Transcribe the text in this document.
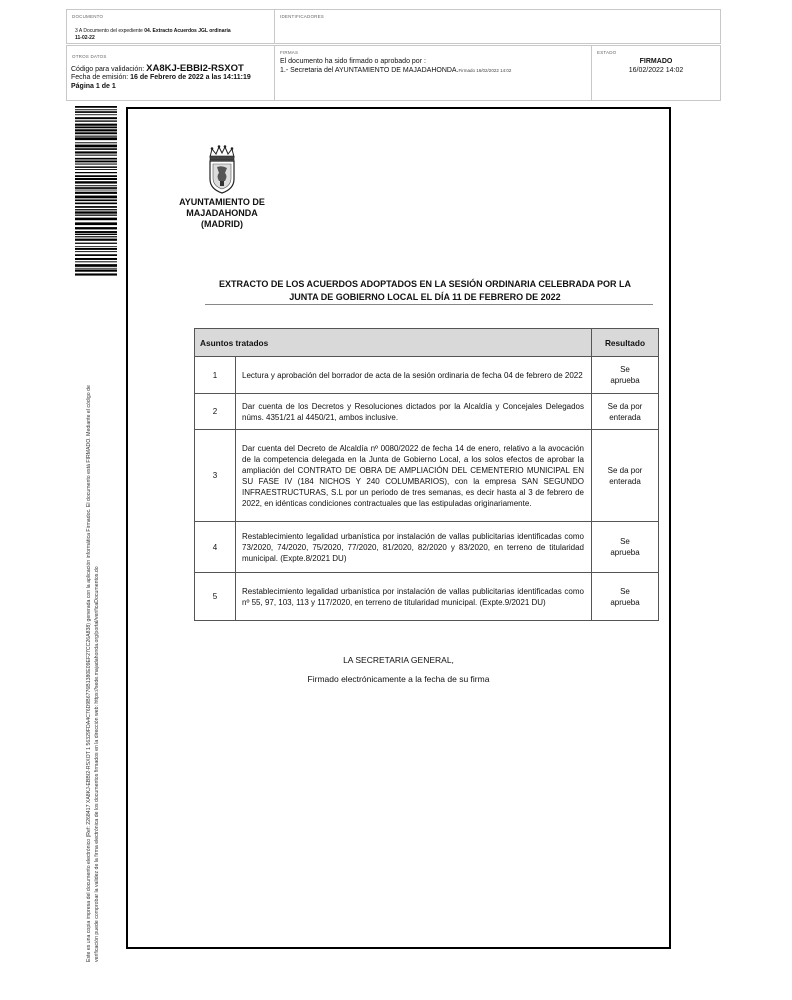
DOCUMENTO
3 A Documento del expediente 04. Extracto Acuerdos JGL ordinaria
11-02-22
IDENTIFICADORES
OTROS DATOS
Código para validación: XA8KJ-EBBI2-RSXOT
Fecha de emisión: 16 de Febrero de 2022 a las 14:11:19
Página 1 de 1
FIRMAS
El documento ha sido firmado o aprobado por :
1.- Secretaria del AYUNTAMIENTO DE MAJADAHONDA.Firmado 16/02/2022 14:02
ESTADO
FIRMADO
16/02/2022 14:02
Este es una copia impresa del documento electrónico (Ref: 2268417 XA8KJ-EBBI2-RSXOT 1 56329FDA4C76D9B6776B1380E09EF27CC26A838) generada con la aplicación informática Firmadoc. El documento está FIRMADO. Mediante el código de verificación puede comprobar la validez de la firma electrónica de los documentos firmados en la dirección web: https://sede.majadahonda.org/portal/verificaDocumentos.do
AYUNTAMIENTO DE
MAJADAHONDA
(MADRID)
EXTRACTO DE LOS ACUERDOS ADOPTADOS EN LA SESIÓN ORDINARIA CELEBRADA POR LA
JUNTA DE GOBIERNO LOCAL EL DÍA 11 DE FEBRERO DE 2022
Asuntos tratados		Resultado
1	Lectura y aprobación del borrador de acta de la sesión ordinaria de fecha 04 de febrero de 2022	Se
aprueba
2	Dar cuenta de los Decretos y Resoluciones dictados por la Alcaldía y Concejales Delegados núms. 4351/21 al 4450/21, ambos inclusive.	Se da por
enterada
3	Dar cuenta del Decreto de Alcaldía nº 0080/2022 de fecha 14 de enero, relativo a la avocación de la competencia delegada en la Junta de Gobierno Local, a los solos efectos de aprobar la ampliación del CONTRATO DE OBRA DE AMPLIACIÓN DEL CEMENTERIO MUNICIPAL EN SU FASE IV (184 NICHOS Y 240 COLUMBARIOS), con la empresa SAN SEGUNDO INFRAESTRUCTURAS, S.L por un periodo de tres semanas, es decir hasta al 3 de febrero de 2022, en idénticas condiciones contractuales que las estipuladas originariamente.	Se da por
enterada
4	Restablecimiento legalidad urbanística por instalación de vallas publicitarias identificadas como 73/2020, 74/2020, 75/2020, 77/2020, 81/2020, 82/2020 y 83/2020, en terreno de titularidad municipal. (Expte.8/2021 DU)	Se
aprueba
5	Restablecimiento legalidad urbanística por instalación de vallas publicitarias identificadas como nº 55, 97, 103, 113 y 117/2020, en terreno de titularidad municipal. (Expte.9/2021 DU)	Se
aprueba
LA SECRETARIA GENERAL,
Firmado electrónicamente a la fecha de su firma
